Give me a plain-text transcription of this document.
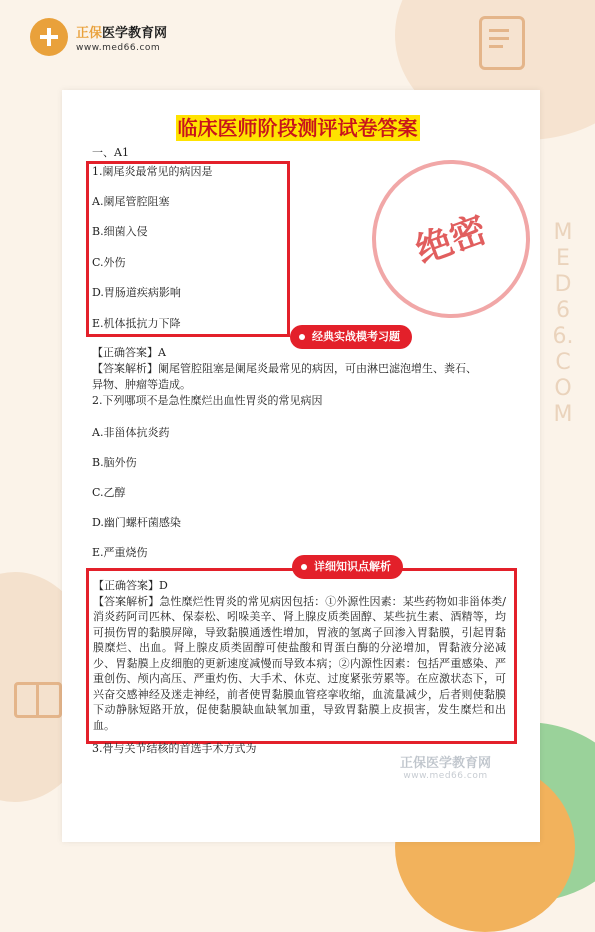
正保医学教育网
www.med66.com
MED66.COM
临床医师阶段测评试卷答案
绝密
一、A1
1.阑尾炎最常见的病因是
A.阑尾管腔阻塞
B.细菌入侵
C.外伤
D.胃肠道疾病影响
E.机体抵抗力下降
经典实战模考习题
【正确答案】A
【答案解析】阑尾管腔阻塞是阑尾炎最常见的病因，可由淋巴滤泡增生、粪石、
异物、肿瘤等造成。
2.下列哪项不是急性糜烂出血性胃炎的常见病因
A.非甾体抗炎药
B.脑外伤
C.乙醇
D.幽门螺杆菌感染
E.严重烧伤
详细知识点解析

【正确答案】D
【答案解析】急性糜烂性胃炎的常见病因包括：①外源性因素：某些药物如非甾体类/消炎药阿司匹林、保泰松、吲哚美辛、肾上腺皮质类固醇、某些抗生素、酒精等，均可损伤胃的黏膜屏障，导致黏膜通透性增加，胃液的氢离子回渗入胃黏膜，引起胃黏膜糜烂、出血。肾上腺皮质类固醇可使盐酸和胃蛋白酶的分泌增加，胃黏液分泌减少、胃黏膜上皮细胞的更新速度减慢而导致本病；②内源性因素：包括严重感染、严重创伤、颅内高压、严重灼伤、大手术、休克、过度紧张劳累等。在应激状态下，可兴奋交感神经及迷走神经，前者使胃黏膜血管痉挛收缩，血流量减少，后者则使黏膜下动静脉短路开放，促使黏膜缺血缺氧加重，导致胃黏膜上皮损害，发生糜烂和出血。

3.骨与关节结核的首选手术方式为
正保医学教育网
www.med66.com
